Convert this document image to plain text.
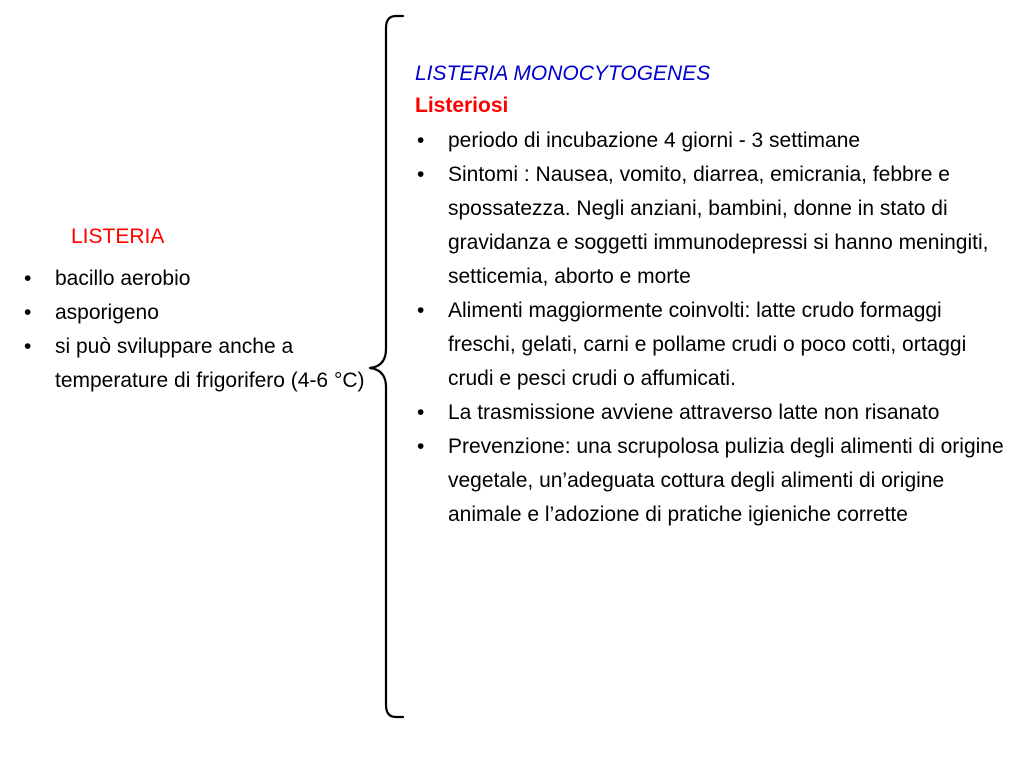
LISTERIA
• bacillo aerobio
• asporigeno
• si può svilupparе anche a temperature di frigorifero (4-6 °C)
LISTERIA MONOCYTOGENES
Listeriosi
• periodo di incubazione 4 giorni - 3 settimane
• Sintomi : Nausea, vomito, diarrea, emicrania, febbre e spossatezza. Negli anziani, bambini, donne in stato di gravidanza e soggetti immunodepressi si hanno meningiti, setticemia, aborto e morte
• Alimenti maggiormente coinvolti: latte crudo formaggi freschi, gelati, carni e pollame crudi o poco cotti, ortaggi crudi e pesci crudi o affumicati.
• La trasmissione avviene attraverso latte non risanato
• Prevenzione: una scrupolosa pulizia degli alimenti di origine vegetale, un’adeguata cottura degli alimenti di origine animale e l’adozione di pratiche igieniche corrette
